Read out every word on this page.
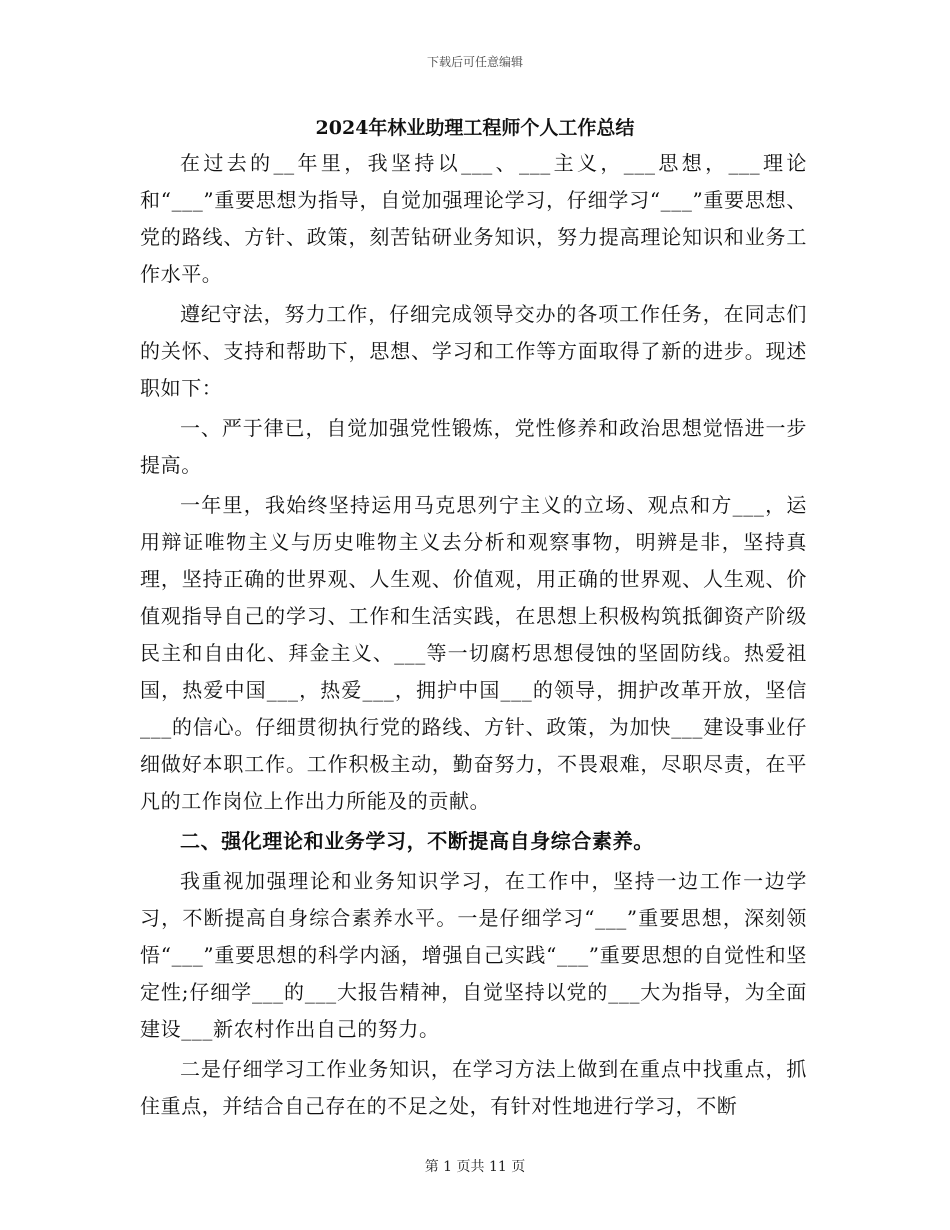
下载后可任意编辑
2024年林业助理工程师个人工作总结

在过去的__年里，我坚持以___、___主义，___思想，___理论和“___”重要思想为指导，自觉加强理论学习，仔细学习“___”重要思想、党的路线、方针、政策，刻苦钻研业务知识，努力提高理论知识和业务工作水平。

遵纪守法，努力工作，仔细完成领导交办的各项工作任务，在同志们的关怀、支持和帮助下，思想、学习和工作等方面取得了新的进步。现述职如下：

一、严于律已，自觉加强党性锻炼，党性修养和政治思想觉悟进一步提高。

一年里，我始终坚持运用马克思列宁主义的立场、观点和方___，运用辩证唯物主义与历史唯物主义去分析和观察事物，明辨是非，坚持真理，坚持正确的世界观、人生观、价值观，用正确的世界观、人生观、价值观指导自己的学习、工作和生活实践，在思想上积极构筑抵御资产阶级民主和自由化、拜金主义、___等一切腐朽思想侵蚀的坚固防线。热爱祖国，热爱中国___，热爱___，拥护中国___的领导，拥护改革开放，坚信___的信心。仔细贯彻执行党的路线、方针、政策，为加快___建设事业仔细做好本职工作。工作积极主动，勤奋努力，不畏艰难，尽职尽责，在平凡的工作岗位上作出力所能及的贡献。

二、强化理论和业务学习，不断提高自身综合素养。

我重视加强理论和业务知识学习，在工作中，坚持一边工作一边学习，不断提高自身综合素养水平。一是仔细学习“___”重要思想，深刻领悟“___”重要思想的科学内涵，增强自己实践“___”重要思想的自觉性和坚定性;仔细学___的___大报告精神，自觉坚持以党的___大为指导，为全面建设___新农村作出自己的努力。

二是仔细学习工作业务知识，在学习方法上做到在重点中找重点，抓住重点，并结合自己存在的不足之处，有针对性地进行学习，不断

第 1 页共 11 页
